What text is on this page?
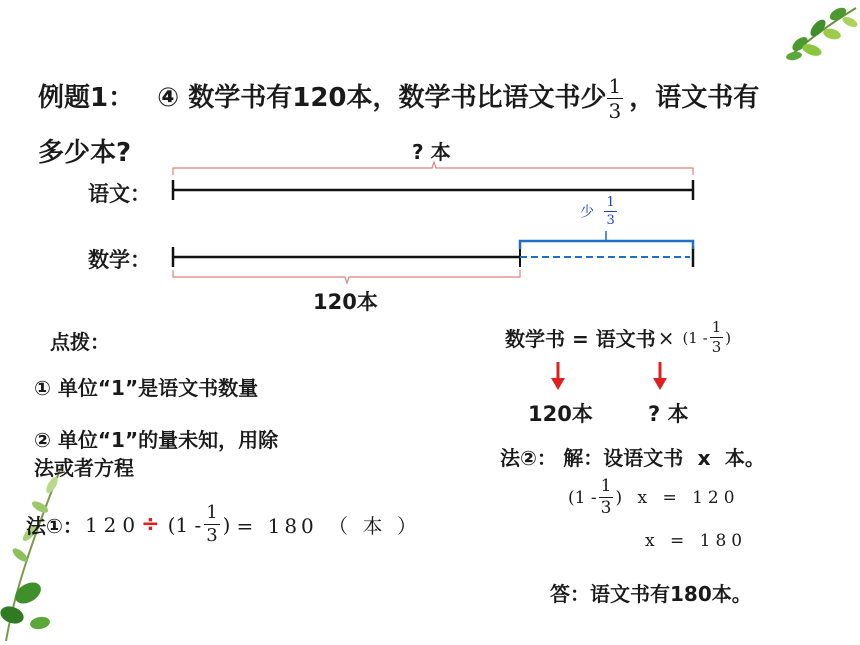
例题1： ④ 数学书有120本，数学书比语文书少 $\frac{1}{3}$ ，语文书有
多少本?	? 本
语文：
数学：
少 $\frac{1}{3}$
120本
点拨：
① 单位“1”是语文书数量
② 单位“1”的量未知，用除
法或者方程
法①： $120 \div (1 - \frac{1}{3}$ ) = 180 （ 本 ）
数学书 = 语文书 × ($1 - \frac{1}{3}$ )
120本	? 本
法②： 解：设语文书 x 本。
($1 - \frac{1}{3}$ ) x = 120
x = 180
答：语文书有180本。
